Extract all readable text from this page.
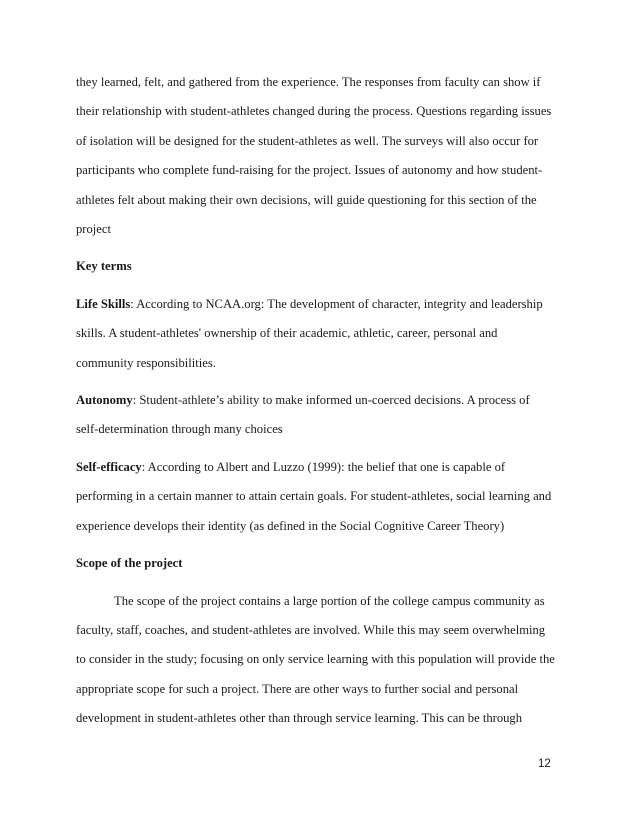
they learned, felt, and gathered from the experience. The responses from faculty can show if
their relationship with student-athletes changed during the process. Questions regarding issues
of isolation will be designed for the student-athletes as well. The surveys will also occur for
participants who complete fund-raising for the project. Issues of autonomy and how student-
athletes felt about making their own decisions, will guide questioning for this section of the
project
Key terms
Life Skills: According to NCAA.org: The development of character, integrity and leadership
skills. A student-athletes' ownership of their academic, athletic, career, personal and
community responsibilities.
Autonomy: Student-athlete’s ability to make informed un-coerced decisions. A process of
self-determination through many choices
Self-efficacy: According to Albert and Luzzo (1999): the belief that one is capable of
performing in a certain manner to attain certain goals. For student-athletes, social learning and
experience develops their identity (as defined in the Social Cognitive Career Theory)
Scope of the project
The scope of the project contains a large portion of the college campus community as
faculty, staff, coaches, and student-athletes are involved. While this may seem overwhelming
to consider in the study; focusing on only service learning with this population will provide the
appropriate scope for such a project. There are other ways to further social and personal
development in student-athletes other than through service learning. This can be through
12
